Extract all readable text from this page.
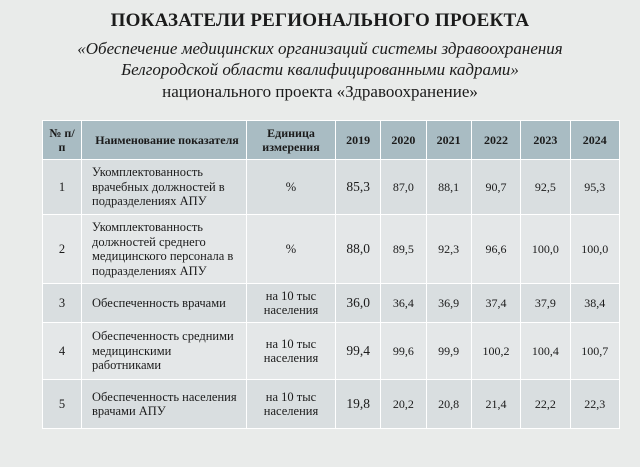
ПОКАЗАТЕЛИ РЕГИОНАЛЬНОГО ПРОЕКТА
«Обеспечение медицинских организаций системы здравоохранения
Белгородской области квалифицированными кадрами»
национального проекта «Здравоохранение»
№ п/п	Наименование показателя	Единица измерения	2019	2020	2021	2022	2023	2024
1	Укомплектованность врачебных должностей в подразделениях АПУ	%	85,3	87,0	88,1	90,7	92,5	95,3
2	Укомплектованность должностей среднего медицинского персонала в подразделениях АПУ	%	88,0	89,5	92,3	96,6	100,0	100,0
3	Обеспеченность врачами	на 10 тыс населения	36,0	36,4	36,9	37,4	37,9	38,4
4	Обеспеченность средними медицинскими работниками	на 10 тыс населения	99,4	99,6	99,9	100,2	100,4	100,7
5	Обеспеченность населения врачами АПУ	на 10 тыс населения	19,8	20,2	20,8	21,4	22,2	22,3
